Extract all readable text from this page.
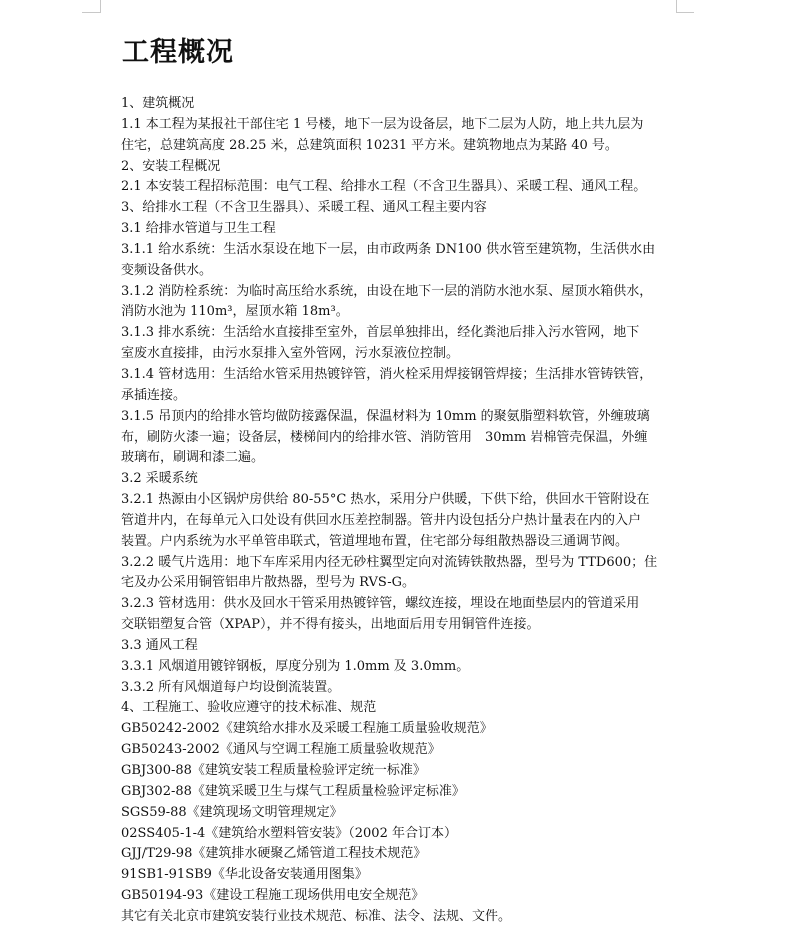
工程概况
1、建筑概况
1.1 本工程为某报社干部住宅 1 号楼，地下一层为设备层，地下二层为人防，地上共九层为
住宅，总建筑高度 28.25 米，总建筑面积 10231 平方米。建筑物地点为某路 40 号。
2、安装工程概况
2.1 本安装工程招标范围：电气工程、给排水工程（不含卫生器具）、采暖工程、通风工程。
3、给排水工程（不含卫生器具）、采暖工程、通风工程主要内容
3.1 给排水管道与卫生工程
3.1.1 给水系统：生活水泵设在地下一层，由市政两条 DN100 供水管至建筑物，生活供水由
变频设备供水。
3.1.2 消防栓系统：为临时高压给水系统，由设在地下一层的消防水池水泵、屋顶水箱供水，
消防水池为 110m³，屋顶水箱 18m³。
3.1.3 排水系统：生活给水直接排至室外，首层单独排出，经化粪池后排入污水管网，地下
室废水直接排，由污水泵排入室外管网，污水泵液位控制。
3.1.4 管材选用：生活给水管采用热镀锌管，消火栓采用焊接钢管焊接；生活排水管铸铁管，
承插连接。
3.1.5 吊顶内的给排水管均做防接露保温，保温材料为 10mm 的聚氨脂塑料软管，外缠玻璃
布，刷防火漆一遍；设备层，楼梯间内的给排水管、消防管用　30mm 岩棉管壳保温，外缠
玻璃布，刷调和漆二遍。
3.2 采暖系统
3.2.1 热源由小区锅炉房供给 80-55°C 热水，采用分户供暖，下供下给，供回水干管附设在
管道井内，在每单元入口处设有供回水压差控制器。管井内设包括分户热计量表在内的入户
装置。户内系统为水平单管串联式，管道埋地布置，住宅部分每组散热器设三通调节阀。
3.2.2 暖气片选用：地下车库采用内径无砂柱翼型定向对流铸铁散热器，型号为 TTD600；住
宅及办公采用铜管铝串片散热器，型号为 RVS-G。
3.2.3 管材选用：供水及回水干管采用热镀锌管，螺纹连接，埋设在地面垫层内的管道采用
交联铝塑复合管（XPAP），并不得有接头，出地面后用专用铜管件连接。
3.3 通风工程
3.3.1 风烟道用镀锌钢板，厚度分别为 1.0mm 及 3.0mm。
3.3.2 所有风烟道每户均设倒流装置。
4、工程施工、验收应遵守的技术标准、规范
GB50242-2002《建筑给水排水及采暖工程施工质量验收规范》
GB50243-2002《通风与空调工程施工质量验收规范》
GBJ300-88《建筑安装工程质量检验评定统一标准》
GBJ302-88《建筑采暖卫生与煤气工程质量检验评定标准》
SGS59-88《建筑现场文明管理规定》
02SS405-1-4《建筑给水塑料管安装》（2002 年合订本）
GJJ/T29-98《建筑排水硬聚乙烯管道工程技术规范》
91SB1-91SB9《华北设备安装通用图集》
GB50194-93《建设工程施工现场供用电安全规范》
其它有关北京市建筑安装行业技术规范、标准、法令、法规、文件。
